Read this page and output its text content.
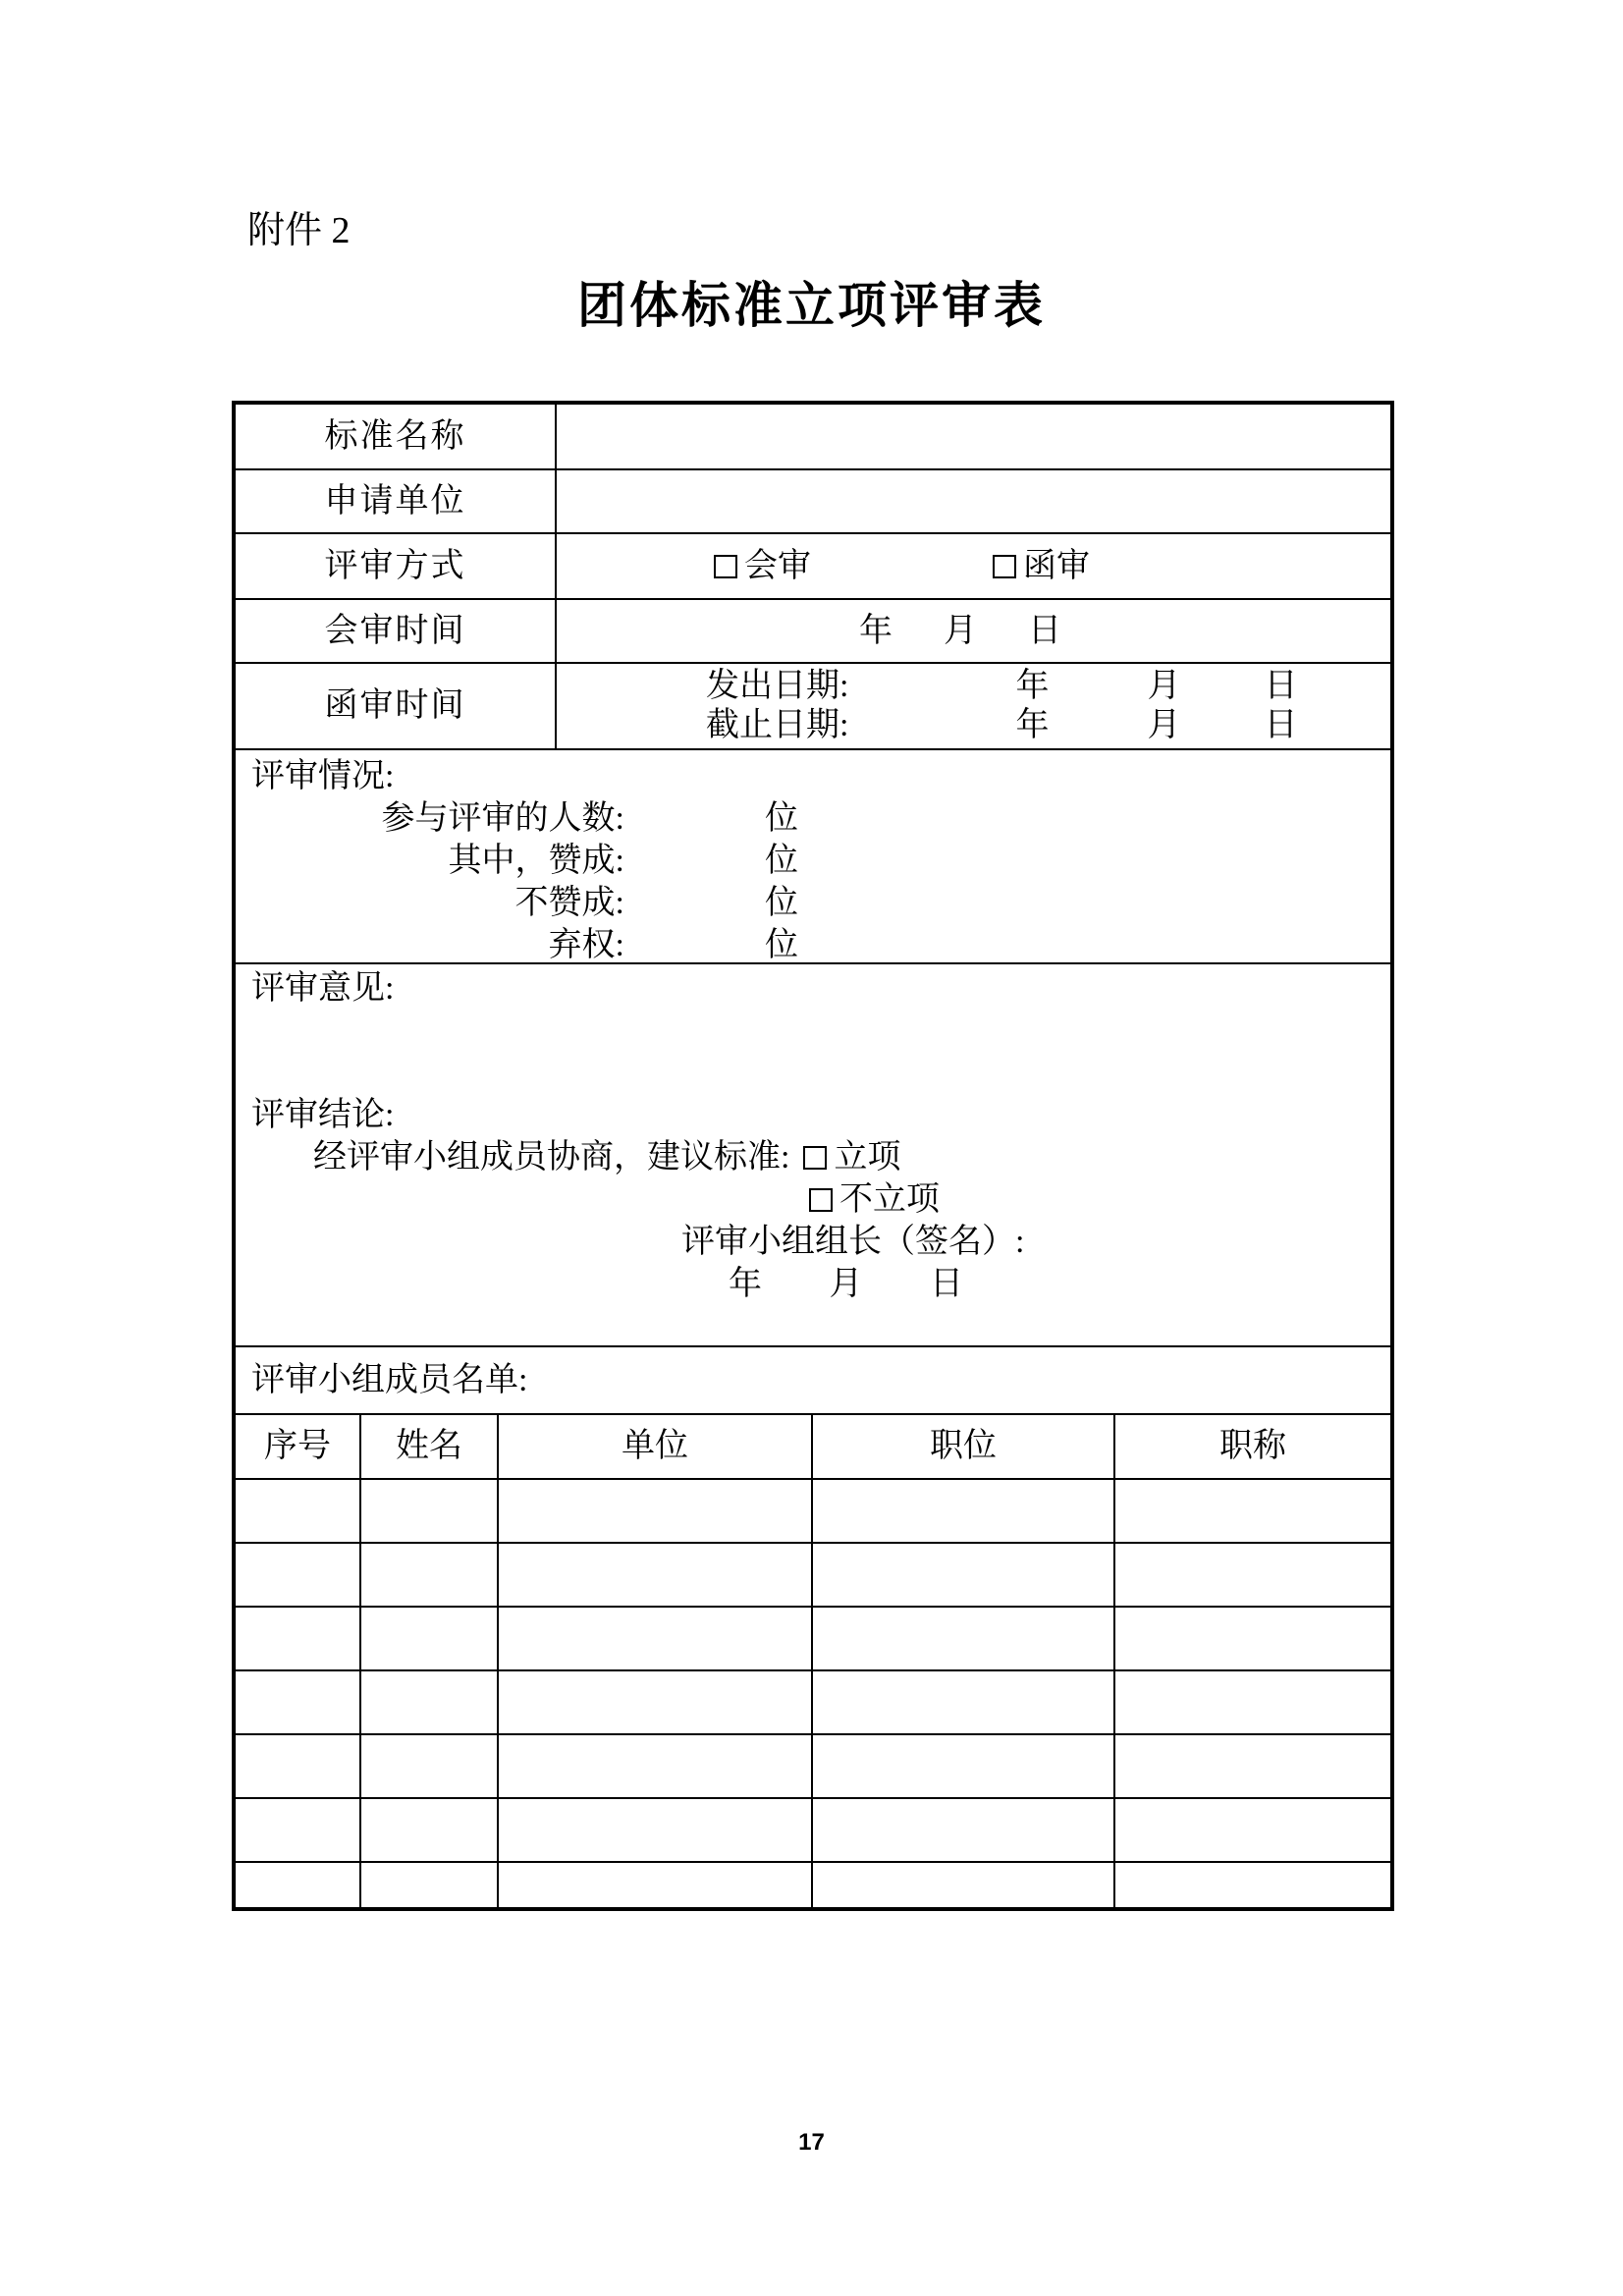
附件 2
团体标准立项评审表
标准名称
申请单位
评审方式	会审	函审
会审时间	年 月 日
函审时间
发出日期:	年	月	日
截止日期:	年	月	日
评审情况:
参与评审的人数:	位
其中，赞成:	位
不赞成:	位
弃权:	位
评审意见:
评审结论:
经评审小组成员协商，建议标准: 立项
不立项
评审小组组长（签名）:
年 月 日
评审小组成员名单:
序号	姓名	单位	职位	职称
17
